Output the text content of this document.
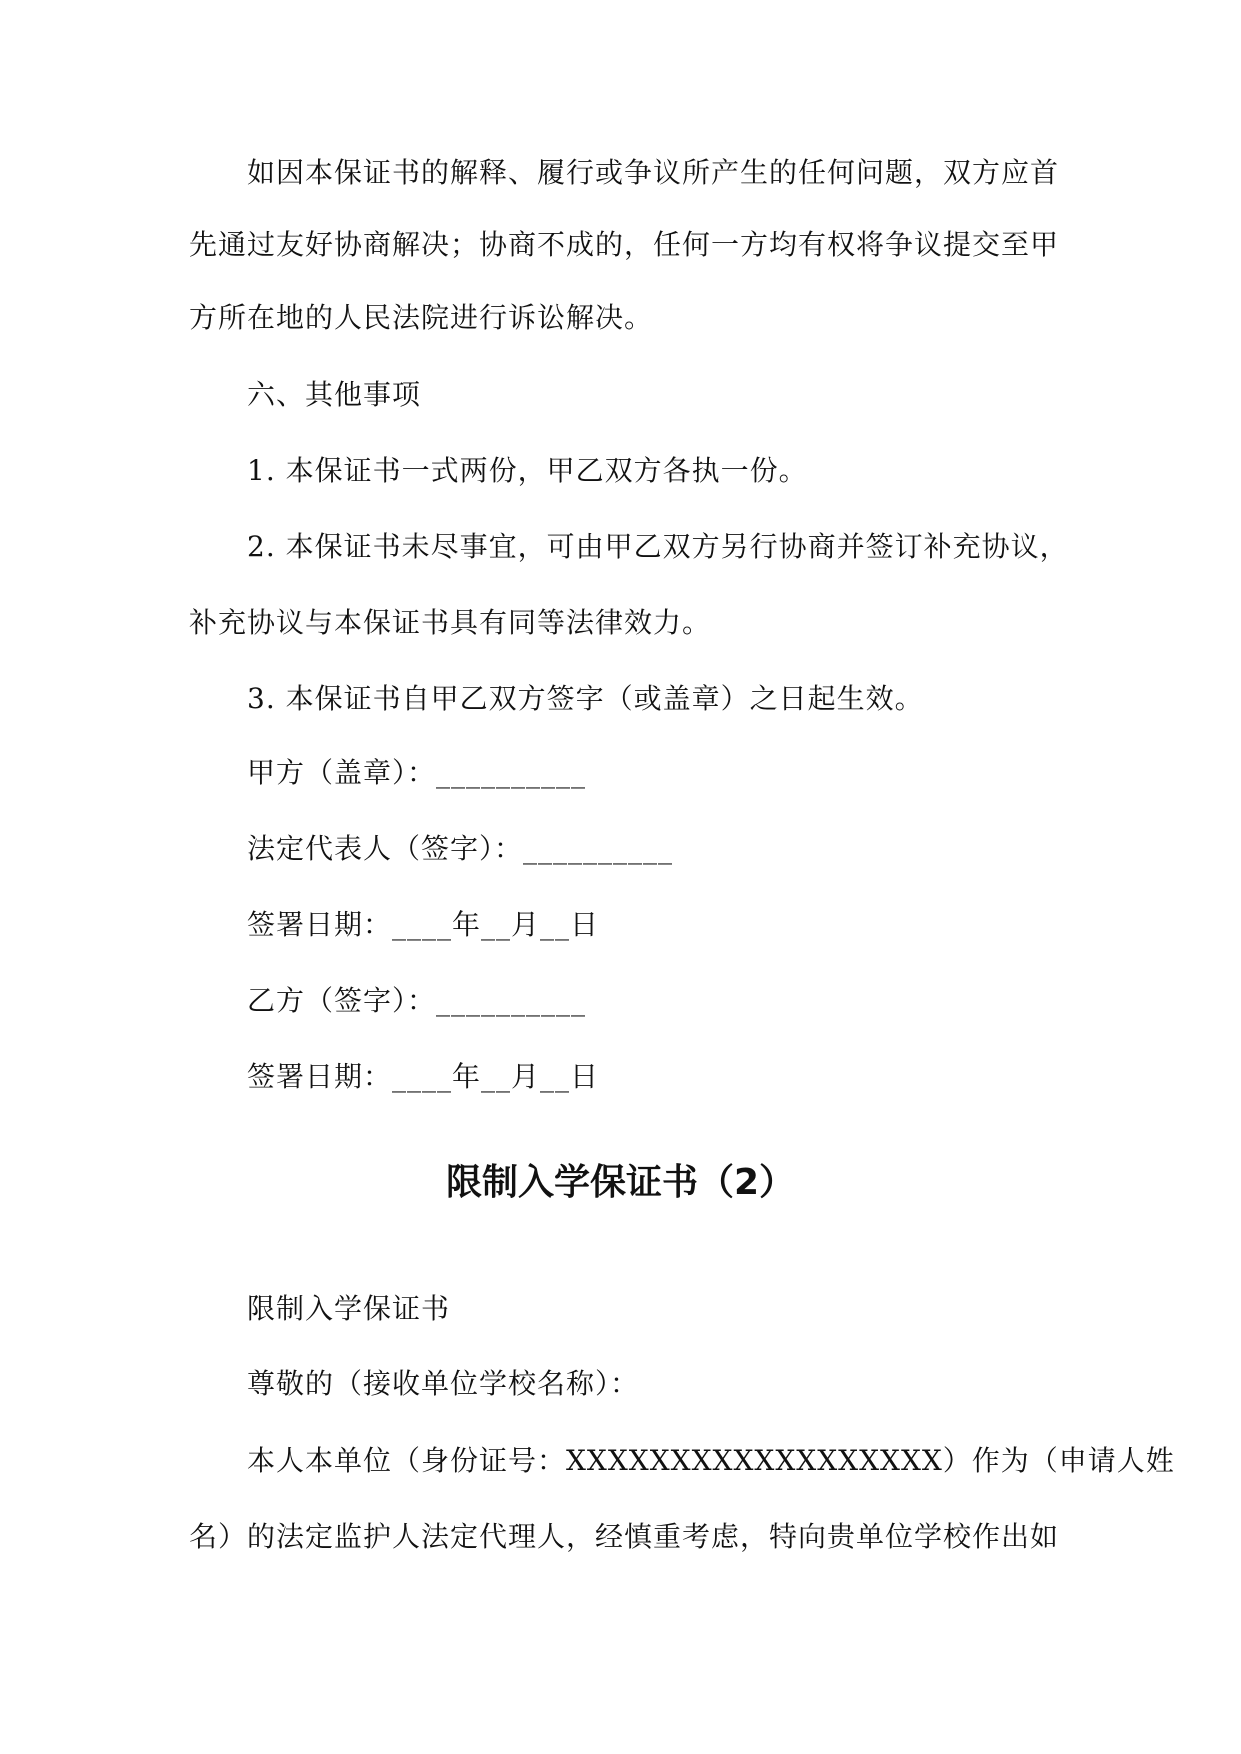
如因本保证书的解释、履行或争议所产生的任何问题，双方应首
先通过友好协商解决；协商不成的，任何一方均有权将争议提交至甲
方所在地的人民法院进行诉讼解决。
六、其他事项
1. 本保证书一式两份，甲乙双方各执一份。
2. 本保证书未尽事宜，可由甲乙双方另行协商并签订补充协议，
补充协议与本保证书具有同等法律效力。
3. 本保证书自甲乙双方签字（或盖章）之日起生效。
甲方（盖章）：__________
法定代表人（签字）：__________
签署日期：____年__月__日
乙方（签字）：__________
签署日期：____年__月__日
限制入学保证书（2）
限制入学保证书
尊敬的（接收单位学校名称）：
本人本单位（身份证号：XXXXXXXXXXXXXXXXXX）作为（申请人姓
名）的法定监护人法定代理人，经慎重考虑，特向贵单位学校作出如
